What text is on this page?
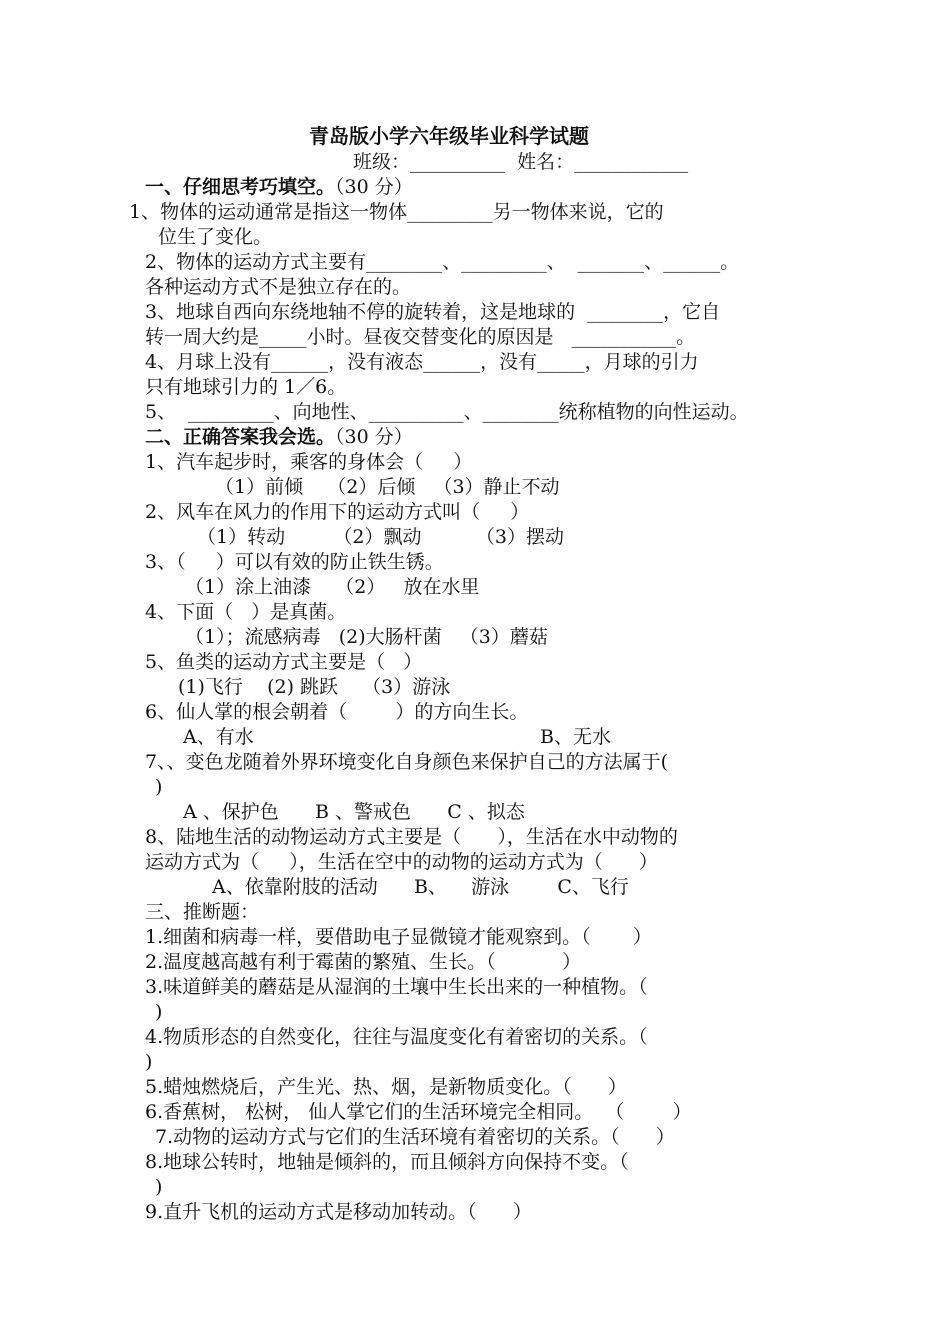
青岛版小学六年级毕业科学试题
班级：__________  姓名：____________
一、仔细思考巧填空。（30 分）
1、物体的运动通常是指这一物体_________另一物体来说，它的
位生了变化。
2、物体的运动方式主要有________、_________、  _______、______。
各种运动方式不是独立存在的。
3、地球自西向东绕地轴不停的旋转着，这是地球的  ________，它自
转一周大约是_____小时。昼夜交替变化的原因是   ___________。
4、月球上没有______，没有液态______，没有_____，月球的引力
只有地球引力的 1／6。
5、  _________、向地性、__________、________统称植物的向性运动。
二、正确答案我会选。（30 分）
1、汽车起步时，乘客的身体会（     ）
（1）前倾    （2）后倾   （3）静止不动
2、风车在风力的作用下的运动方式叫（     ）
（1）转动        （2）飘动         （3）摆动
3、（     ）可以有效的防止铁生锈。
（1）涂上油漆    （2）   放在水里
4、下面（   ）是真菌。
（1）；流感病毒   (2)大肠杆菌   （3）蘑菇
5、鱼类的运动方式主要是（   ）
(1)飞行    (2) 跳跃    （3）游泳
6、仙人掌的根会朝着（        ）的方向生长。
A、有水	B、无水
7、、变色龙随着外界环境变化自身颜色来保护自己的方法属于(
)
A 、保护色      B 、警戒色      C 、拟态
8、陆地生活的动物运动方式主要是（      ），生活在水中动物的
运动方式为（     ），生活在空中的动物的运动方式为（      ）
A、依靠附肢的活动      B、    游泳        C、飞行
三、推断题：
1.细菌和病毒一样，要借助电子显微镜才能观察到。（       ）
2.温度越高越有利于霉菌的繁殖、生长。（           ）
3.味道鲜美的蘑菇是从湿润的土壤中生长出来的一种植物。（
)
4.物质形态的自然变化，往往与温度变化有着密切的关系。（
)
5.蜡烛燃烧后，产生光、热、烟，是新物质变化。（      ）
6.香蕉树， 松树， 仙人掌它们的生活环境完全相同。  （        ）
7.动物的运动方式与它们的生活环境有着密切的关系。（      ）
8.地球公转时，地轴是倾斜的，而且倾斜方向保持不变。（
)
9.直升飞机的运动方式是移动加转动。（      ）
